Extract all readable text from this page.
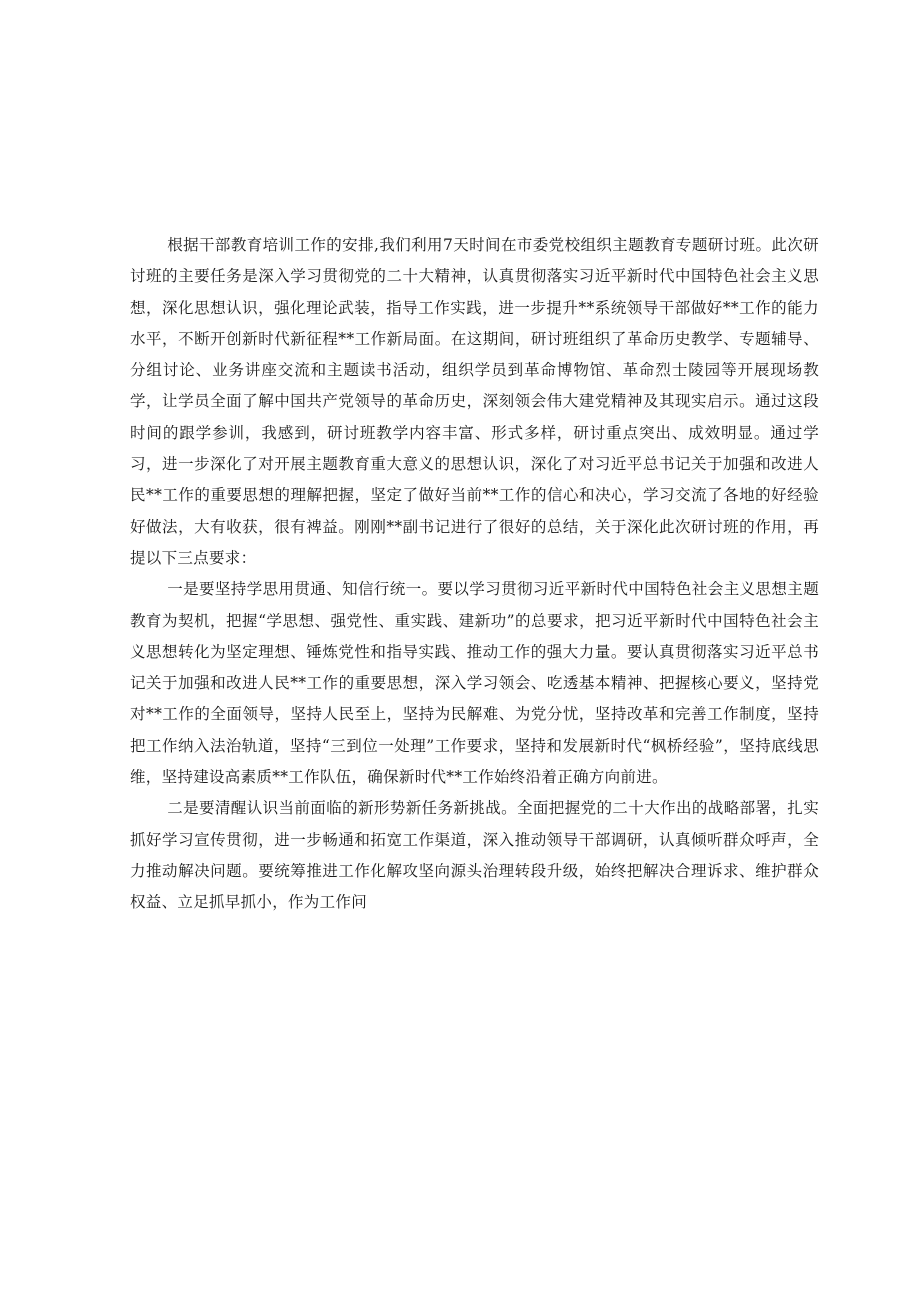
根据干部教育培训工作的安排,我们利用7天时间在市委党校组织主题教育专题研讨班。此次研讨班的主要任务是深入学习贯彻党的二十大精神，认真贯彻落实习近平新时代中国特色社会主义思想，深化思想认识，强化理论武装，指导工作实践，进一步提升**系统领导干部做好**工作的能力水平，不断开创新时代新征程**工作新局面。在这期间，研讨班组织了革命历史教学、专题辅导、分组讨论、业务讲座交流和主题读书活动，组织学员到革命博物馆、革命烈士陵园等开展现场教学，让学员全面了解中国共产党领导的革命历史，深刻领会伟大建党精神及其现实启示。通过这段时间的跟学参训，我感到，研讨班教学内容丰富、形式多样，研讨重点突出、成效明显。通过学习，进一步深化了对开展主题教育重大意义的思想认识，深化了对习近平总书记关于加强和改进人民**工作的重要思想的理解把握，坚定了做好当前**工作的信心和决心，学习交流了各地的好经验好做法，大有收获，很有裨益。刚刚**副书记进行了很好的总结，关于深化此次研讨班的作用，再提以下三点要求：

一是要坚持学思用贯通、知信行统一。要以学习贯彻习近平新时代中国特色社会主义思想主题教育为契机，把握“学思想、强党性、重实践、建新功”的总要求，把习近平新时代中国特色社会主义思想转化为坚定理想、锤炼党性和指导实践、推动工作的强大力量。要认真贯彻落实习近平总书记关于加强和改进人民**工作的重要思想，深入学习领会、吃透基本精神、把握核心要义，坚持党对**工作的全面领导，坚持人民至上，坚持为民解难、为党分忧，坚持改革和完善工作制度，坚持把工作纳入法治轨道，坚持“三到位一处理”工作要求，坚持和发展新时代“枫桥经验”，坚持底线思维，坚持建设高素质**工作队伍，确保新时代**工作始终沿着正确方向前进。

二是要清醒认识当前面临的新形势新任务新挑战。全面把握党的二十大作出的战略部署，扎实抓好学习宣传贯彻，进一步畅通和拓宽工作渠道，深入推动领导干部调研，认真倾听群众呼声，全力推动解决问题。要统筹推进工作化解攻坚向源头治理转段升级，始终把解决合理诉求、维护群众权益、立足抓早抓小，作为工作问
